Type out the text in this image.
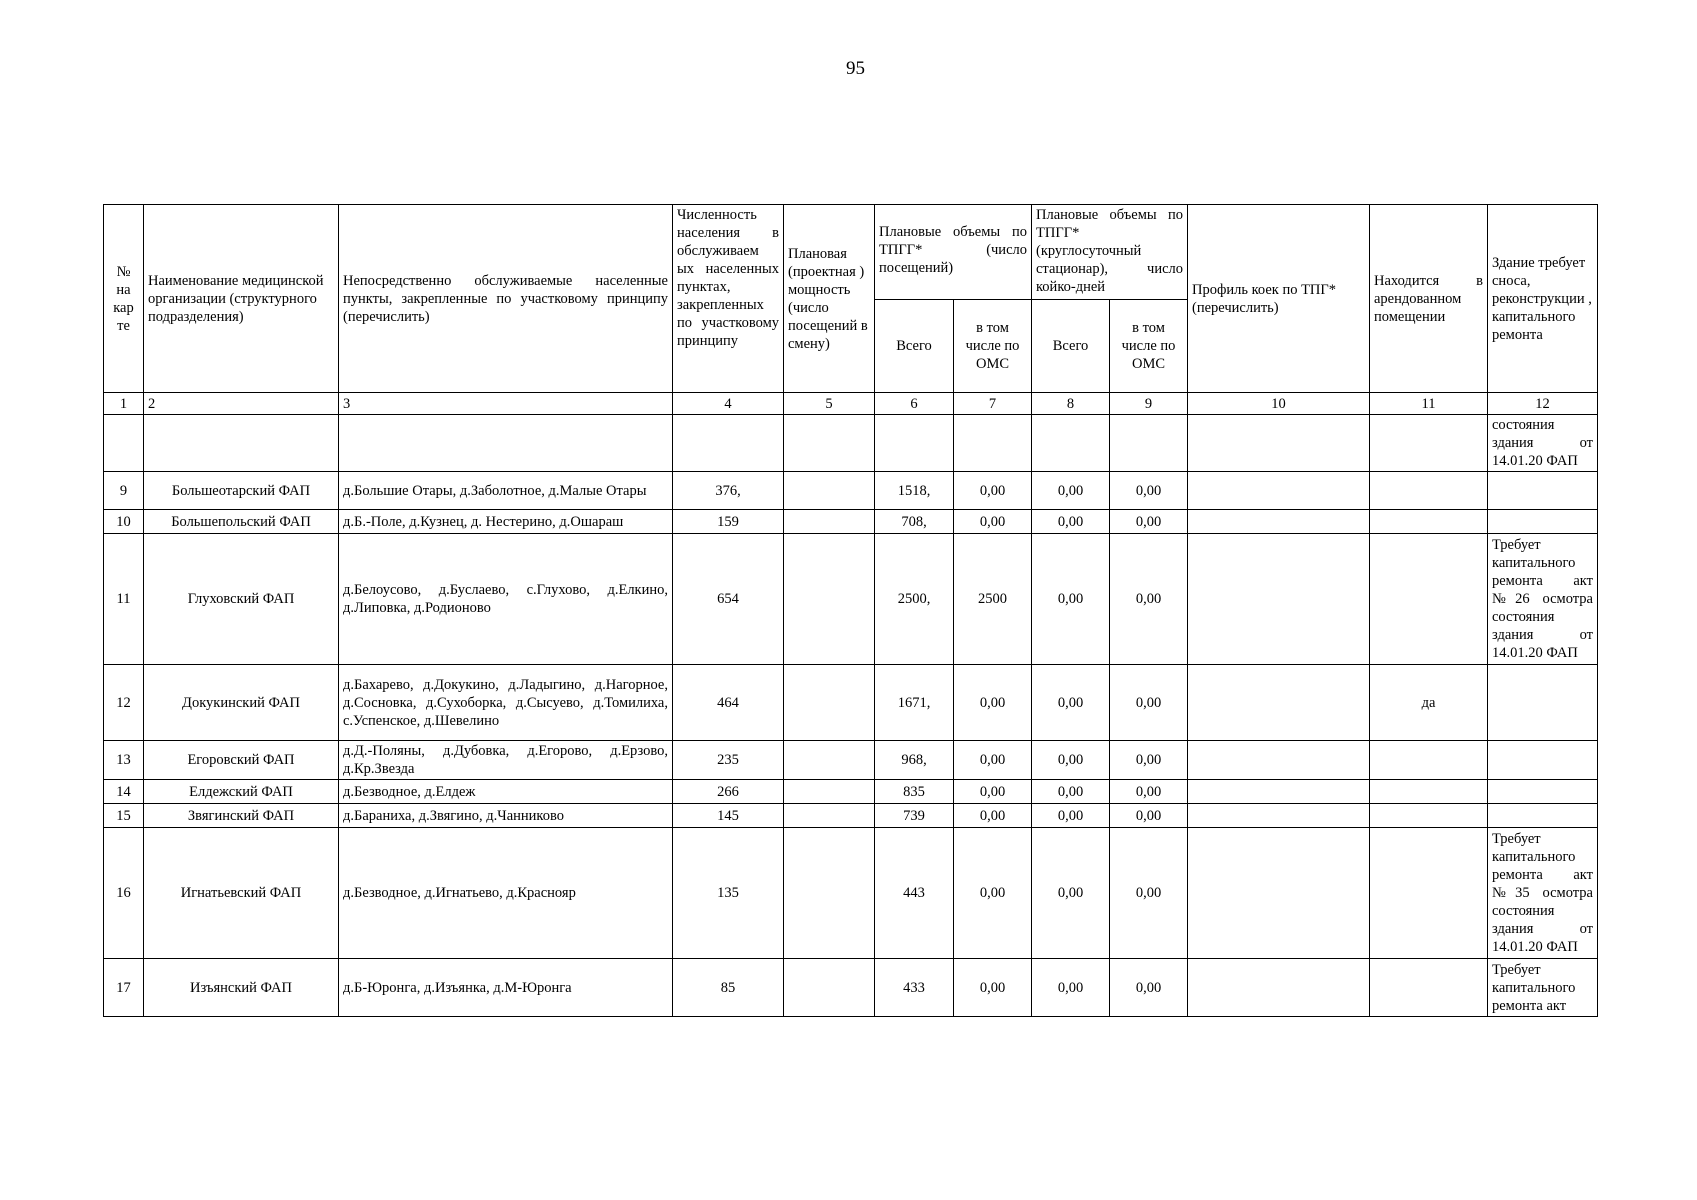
95
№ на кар те	Наименование медицинской организации (структурного подразделения)	Непосредственно обслуживаемые населенные пункты, закрепленные по участковому принципу (перечислить)	Численность населения в обслуживаем ых населенных пунктах, закрепленных по участковому принципу	Плановая (проектная ) мощность (число посещений в смену)	Плановые объемы по ТПГГ* (число посещений)		Плановые объемы по ТПГГ* (круглосуточный стационар), число койко-дней		Профиль коек по ТПГ* (перечислить)	Находится в арендованном помещении	Здание требует сноса, реконструкции , капитального ремонта
					Всего	в том числе по ОМС	Всего	в том числе по ОМС			
1	2	3	4	5	6	7	8	9	10	11	12
											состояния здания от 14.01.20 ФАП
9	Большеотарский ФАП	д.Большие Отары, д.Заболотное, д.Малые Отары	376,		1518,	0,00	0,00	0,00			
10	Большепольский ФАП	д.Б.-Поле, д.Кузнец, д. Нестерино, д.Ошараш	159		708,	0,00	0,00	0,00			
11	Глуховский ФАП	д.Белоусово, д.Буслаево, с.Глухово, д.Елкино, д.Липовка, д.Родионово	654		2500,	2500	0,00	0,00			Требует капитального ремонта акт №26 осмотра состояния здания от 14.01.20 ФАП
12	Докукинский ФАП	д.Бахарево, д.Докукино, д.Ладыгино, д.Нагорное, д.Сосновка, д.Сухоборка, д.Сысуево, д.Томилиха, с.Успенское, д.Шевелино	464		1671,	0,00	0,00	0,00		да	
13	Егоровский ФАП	д.Д.-Поляны, д.Дубовка, д.Егорово, д.Ерзово, д.Кр.Звезда	235		968,	0,00	0,00	0,00			
14	Елдежский ФАП	д.Безводное, д.Елдеж	266		835	0,00	0,00	0,00			
15	Звягинский ФАП	д.Бараниха, д.Звягино, д.Чанниково	145		739	0,00	0,00	0,00			
16	Игнатьевский ФАП	д.Безводное, д.Игнатьево, д.Краснояр	135		443	0,00	0,00	0,00			Требует капитального ремонта акт №35 осмотра состояния здания от 14.01.20 ФАП
17	Изъянский ФАП	д.Б-Юронга, д.Изъянка, д.М-Юронга	85		433	0,00	0,00	0,00			Требует капитального ремонта акт
